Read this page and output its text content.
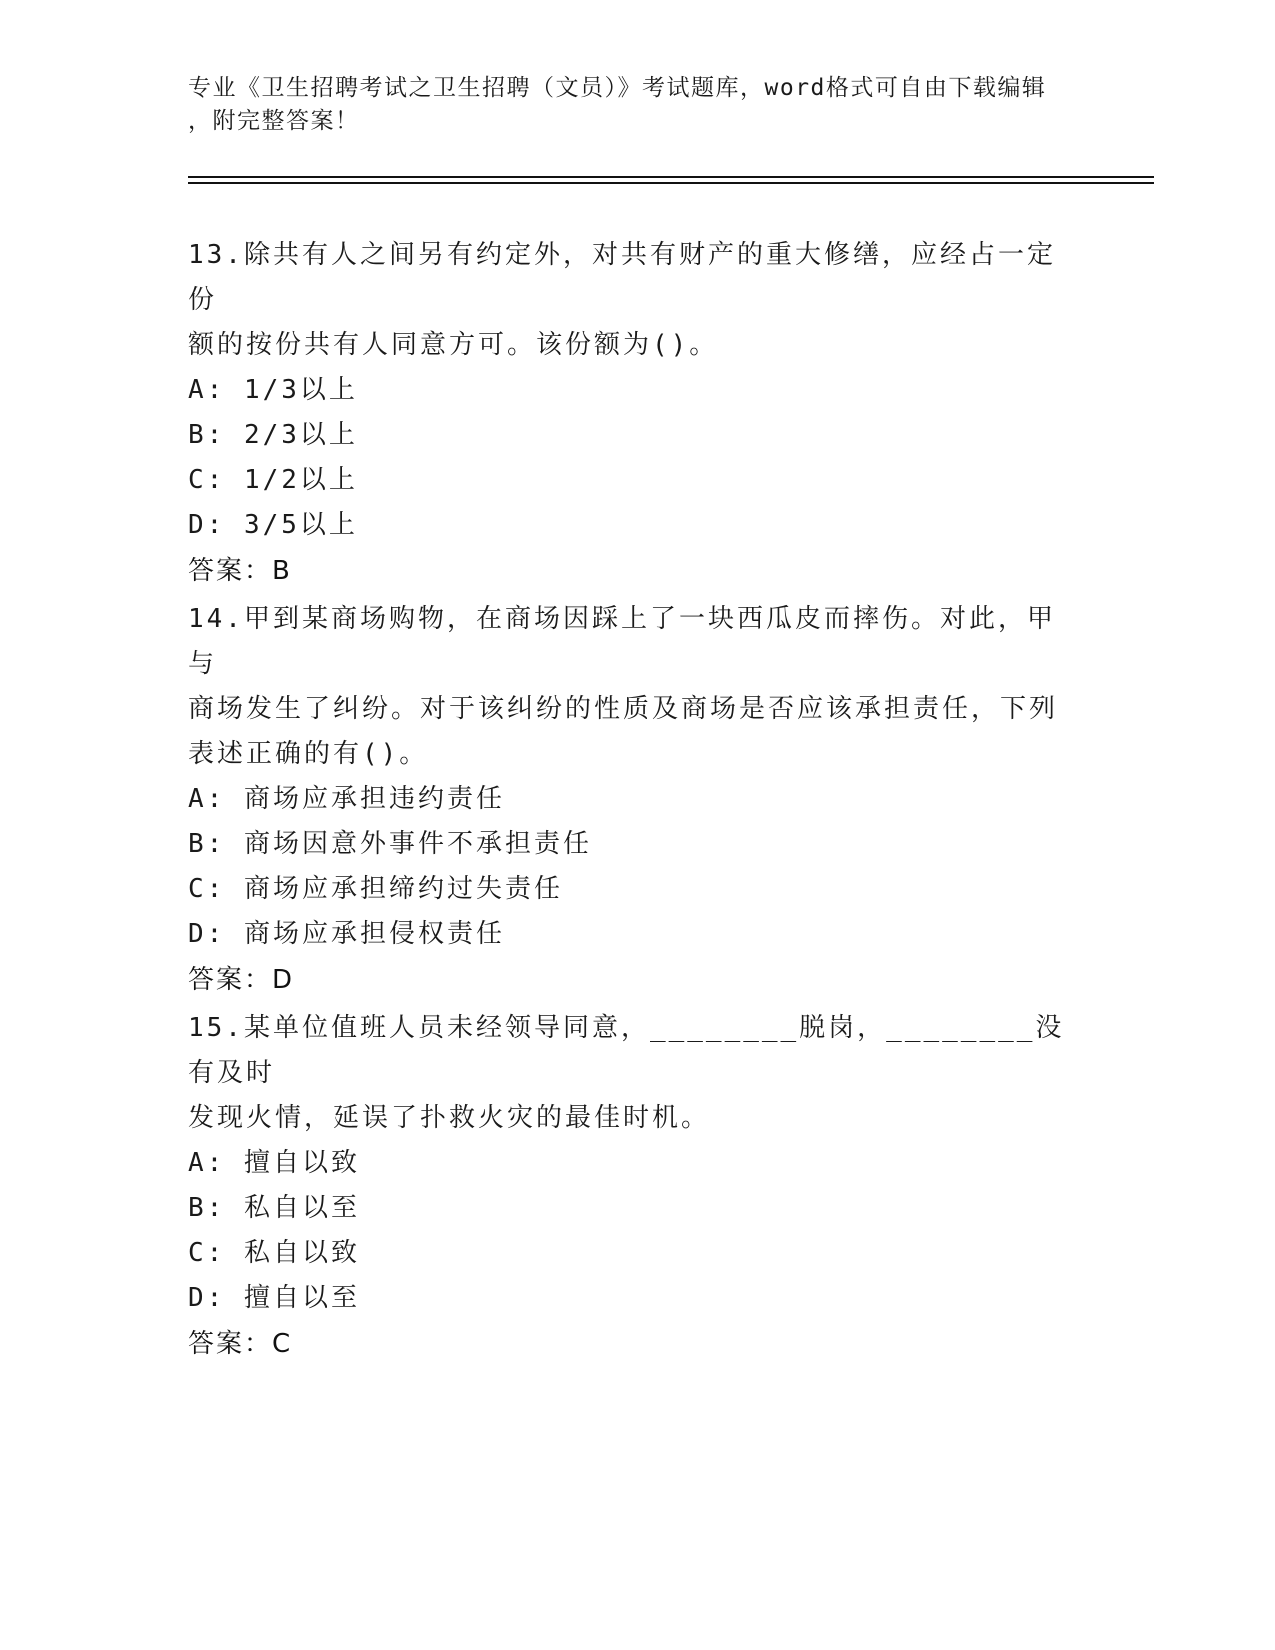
专业《卫生招聘考试之卫生招聘（文员）》考试题库，word格式可自由下载编辑
，附完整答案！

13.除共有人之间另有约定外，对共有财产的重大修缮，应经占一定份

额的按份共有人同意方可。该份额为()。

A: 1/3以上

B: 2/3以上

C: 1/2以上

D: 3/5以上

答案：B

14.甲到某商场购物，在商场因踩上了一块西瓜皮而摔伤。对此，甲与

商场发生了纠纷。对于该纠纷的性质及商场是否应该承担责任，下列

表述正确的有()。

A: 商场应承担违约责任

B: 商场因意外事件不承担责任

C: 商场应承担缔约过失责任

D: 商场应承担侵权责任

答案：D

15.某单位值班人员未经领导同意，________脱岗，________没有及时

发现火情，延误了扑救火灾的最佳时机。

A: 擅自以致

B: 私自以至

C: 私自以致

D: 擅自以至

答案：C
